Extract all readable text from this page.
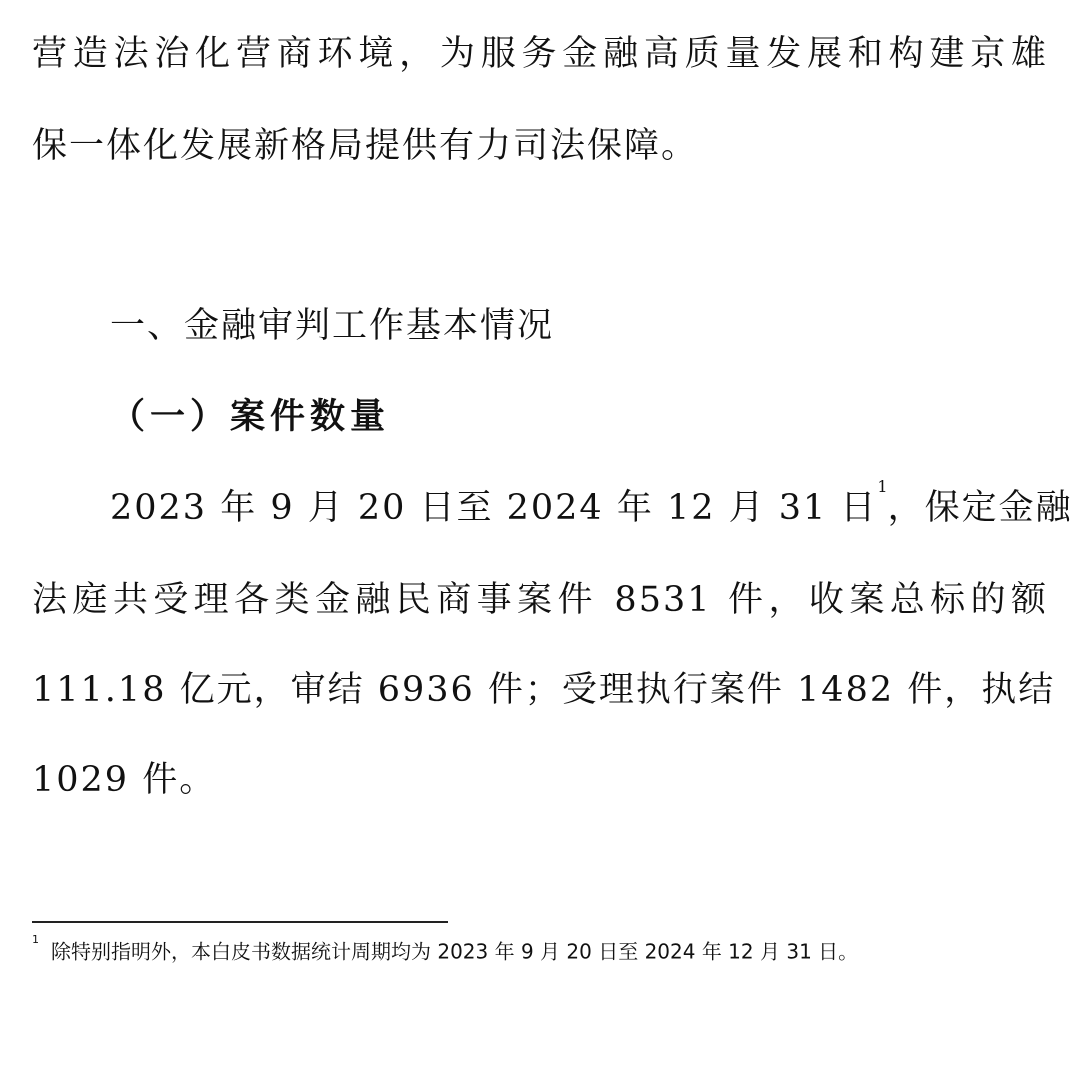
营造法治化营商环境，为服务金融高质量发展和构建京雄
保一体化发展新格局提供有力司法保障。
一、金融审判工作基本情况
（一）案件数量
2023 年 9 月 20 日至 2024 年 12 月 31 日$^1$，保定金融
法庭共受理各类金融民商事案件 8531 件，收案总标的额
111.18 亿元，审结 6936 件；受理执行案件 1482 件，执结
1029 件。
$^1$除特别指明外，本白皮书数据统计周期均为 2023 年 9 月 20 日至 2024 年 12 月 31 日。
